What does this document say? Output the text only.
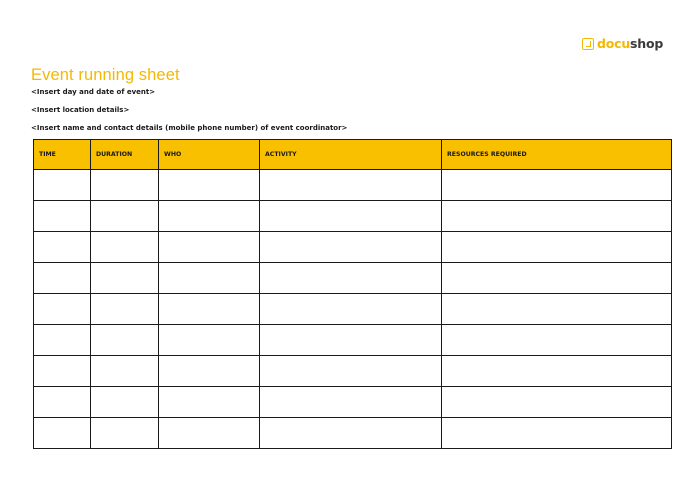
docushop
Event running sheet
<Insert day and date of event>
<Insert location details>
<Insert name and contact details (mobile phone number) of event coordinator>
TIME	DURATION	WHO	ACTIVITY	RESOURCES REQUIRED
